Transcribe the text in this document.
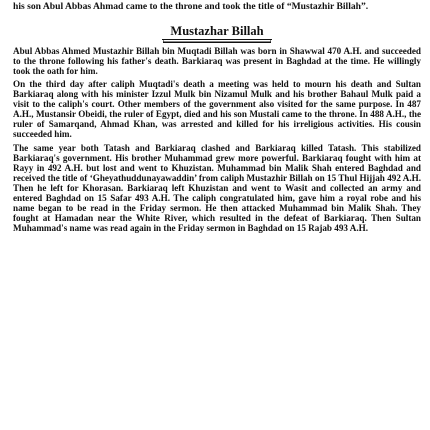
his son Abul Abbas Ahmad came to the throne and took the title of “Mustazhir Billah”.
Mustazhar Billah

Abul Abbas Ahmed Mustazhir Billah bin Muqtadi Billah was born in Shawwal 470 A.H. and succeeded to the throne following his father's death. Barkiaraq was present in Baghdad at the time. He willingly took the oath for him.

On the third day after caliph Muqtadi's death a meeting was held to mourn his death and Sultan Barkiaraq along with his minister Izzul Mulk bin Nizamul Mulk and his brother Bahaul Mulk paid a visit to the caliph's court. Other members of the government also visited for the same purpose. In 487 A.H., Mustansir Obeidi, the ruler of Egypt, died and his son Mustali came to the throne. In 488 A.H., the ruler of Samarqand, Ahmad Khan, was arrested and killed for his irreligious activities. His cousin succeeded him.

The same year both Tatash and Barkiaraq clashed and Barkiaraq killed Tatash. This stabilized Barkiaraq's government. His brother Muhammad grew more powerful. Barkiaraq fought with him at Rayy in 492 A.H. but lost and went to Khuzistan. Muhammad bin Malik Shah entered Baghdad and received the title of ‘Gheyathuddunayawaddin’ from caliph Mustazhir Billah on 15 Thul Hijjah 492 A.H. Then he left for Khorasan. Barkiaraq left Khuzistan and went to Wasit and collected an army and entered Baghdad on 15 Safar 493 A.H. The caliph congratulated him, gave him a royal robe and his name began to be read in the Friday sermon. He then attacked Muhammad bin Malik Shah. They fought at Hamadan near the White River, which resulted in the defeat of Barkiaraq. Then Sultan Muhammad's name was read again in the Friday sermon in Baghdad on 15 Rajab 493 A.H.
